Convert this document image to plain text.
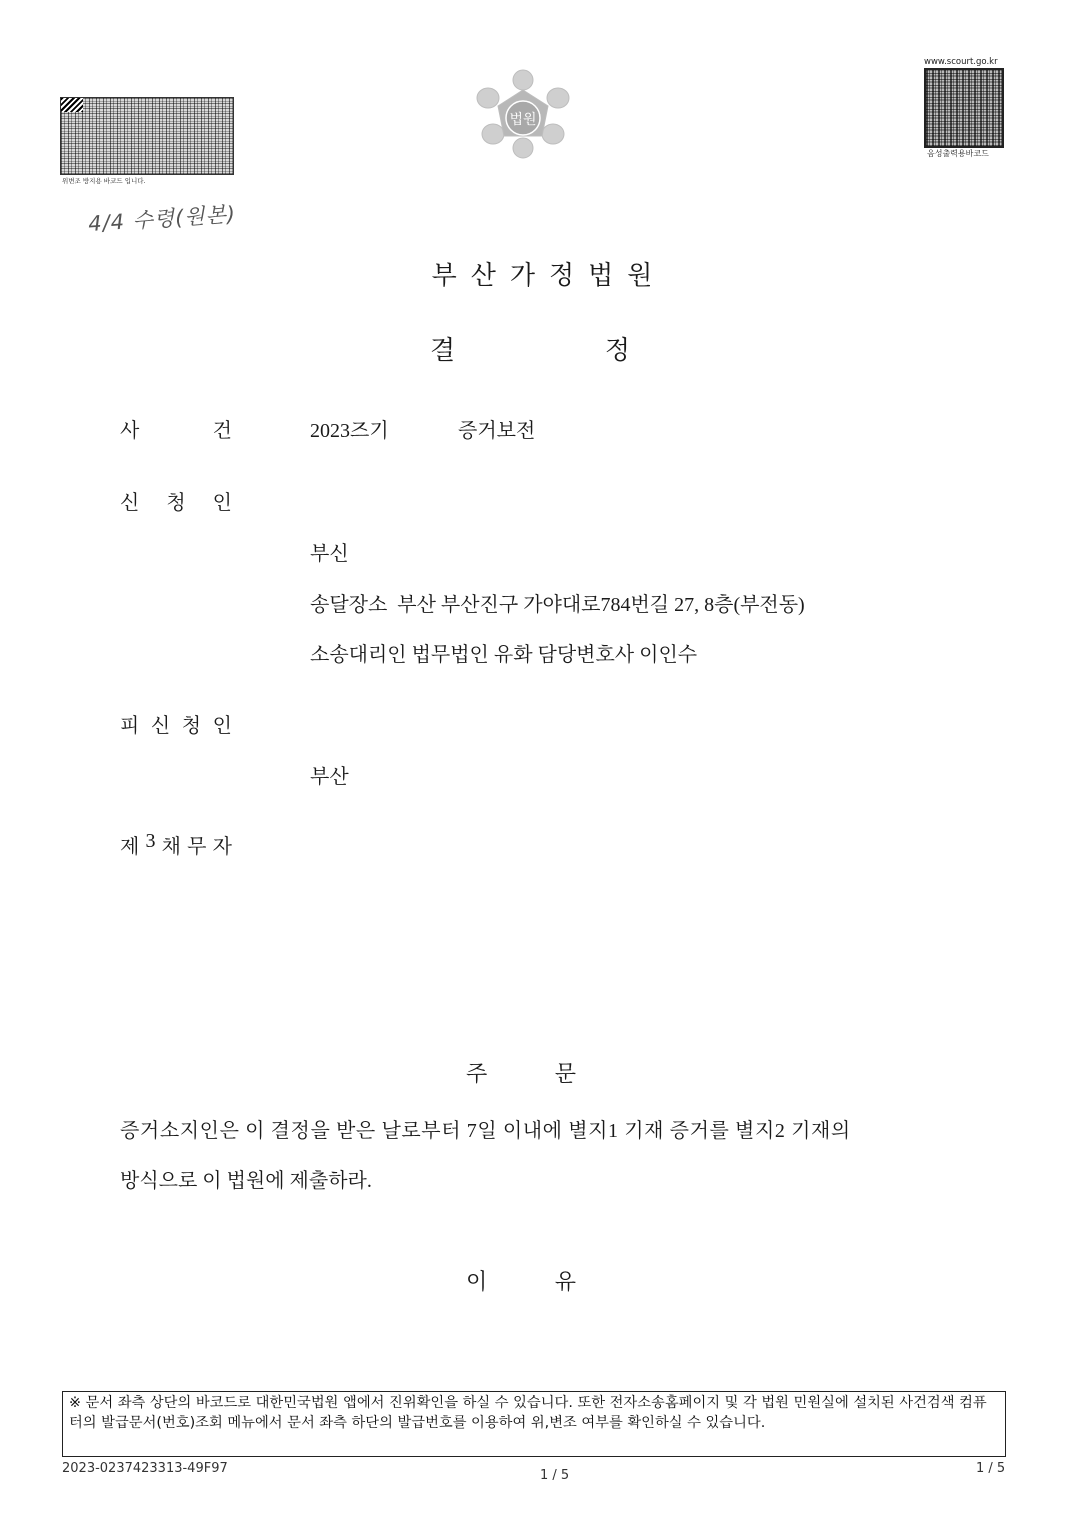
위변조 방지용 바코드 입니다.
법원
www.scourt.go.kr
음성출력용바코드
4/4 수령(원본)
부산가정법원
결	정
사	건	2023즈기	증거보전
신 청 인
부신
송달장소  부산 부산진구 가야대로784번길 27, 8층(부전동)
소송대리인 법무법인 유화 담당변호사 이인수
피 신 청 인
부산
제 3 채 무 자
주	문
증거소지인은 이 결정을 받은 날로부터 7일 이내에 별지1 기재 증거를 별지2 기재의
방식으로 이 법원에 제출하라.
이	유
※ 문서 좌측 상단의 바코드로 대한민국법원 앱에서 진위확인을 하실 수 있습니다. 또한 전자소송홈페이지 및 각 법원 민원실에 설치된 사건검색 컴퓨터의 발급문서(번호)조회 메뉴에서 문서 좌측 하단의 발급번호를 이용하여 위,변조 여부를 확인하실 수 있습니다.
2023-0237423313-49F97	1 / 5	1 / 5
